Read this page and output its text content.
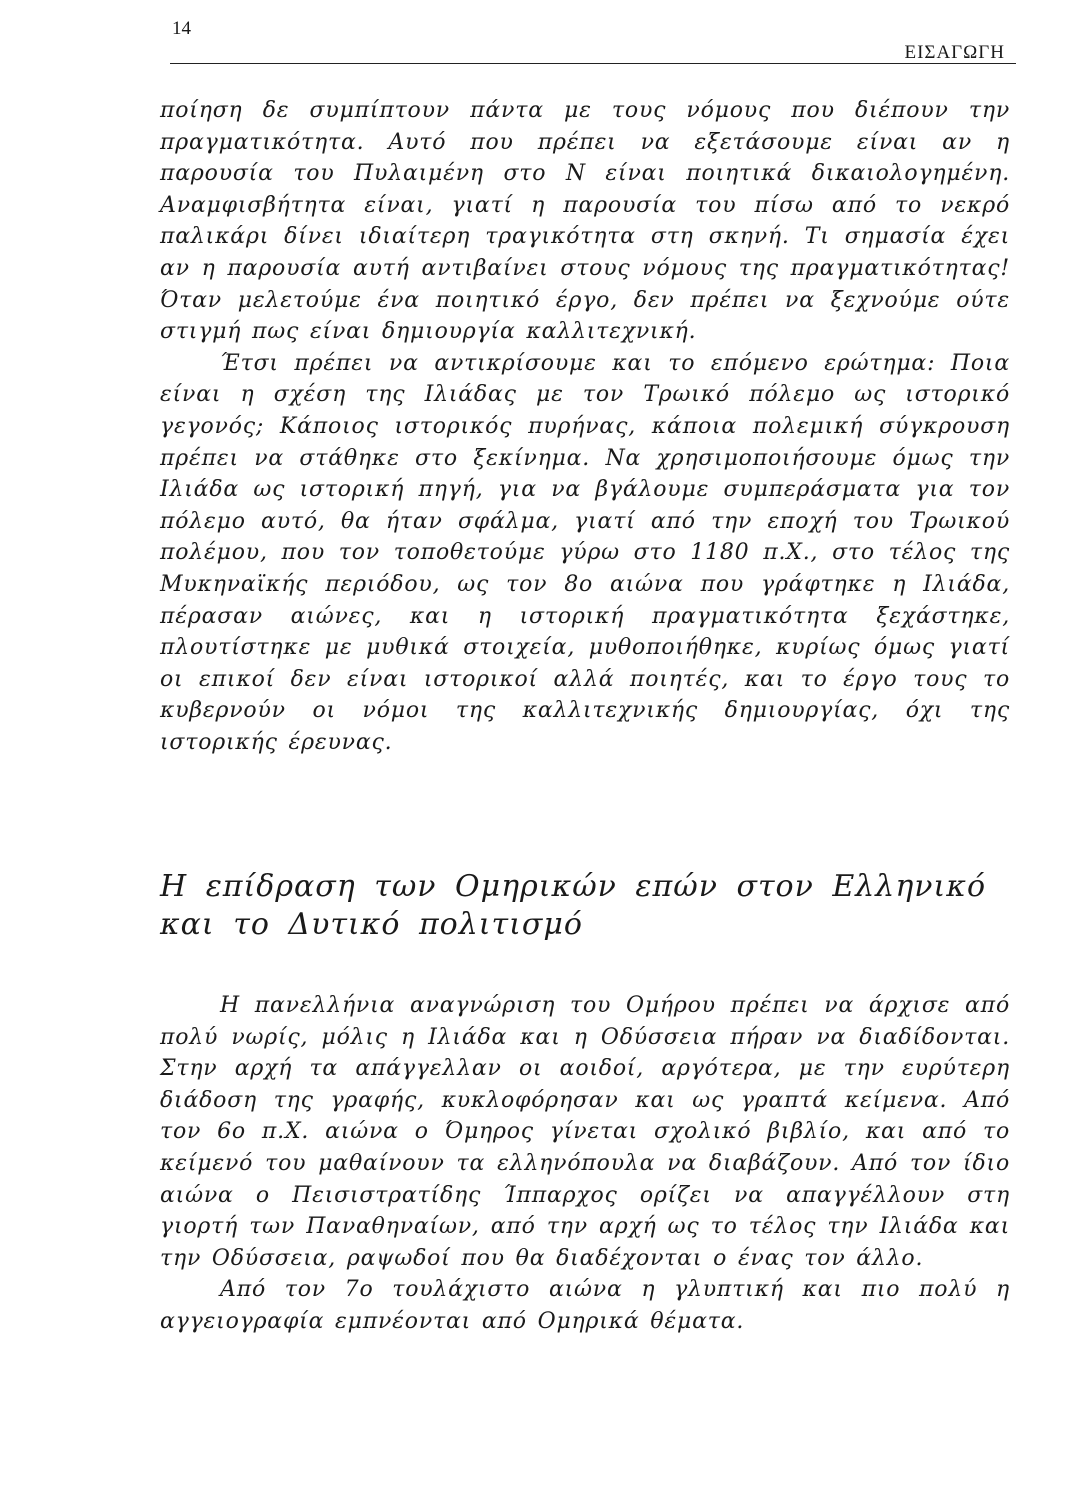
14
ΕΙΣΑΓΩΓΗ

ποίηση δε συμπίπτουν πάντα με τους νόμους που διέπουν την πραγματικότητα. Αυτό που πρέπει να εξετάσουμε είναι αν η παρουσία του Πυλαιμένη στο Ν είναι ποιητικά δικαιολογημένη. Αναμφισβήτητα είναι, γιατί η παρουσία του πίσω από το νεκρό παλικάρι δίνει ιδιαίτερη τραγικότητα στη σκηνή. Τι σημασία έχει αν η παρουσία αυτή αντιβαίνει στους νόμους της πραγματικότητας! Όταν μελετούμε ένα ποιητικό έργο, δεν πρέπει να ξεχνούμε ούτε στιγμή πως είναι δημιουργία καλλιτεχνική.

Έτσι πρέπει να αντικρίσουμε και το επόμενο ερώτημα: Ποια είναι η σχέση της Ιλιάδας με τον Τρωικό πόλεμο ως ιστορικό γεγονός; Κάποιος ιστορικός πυρήνας, κάποια πολεμική σύγκρουση πρέπει να στάθηκε στο ξεκίνημα. Να χρησιμοποιήσουμε όμως την Ιλιάδα ως ιστορική πηγή, για να βγάλουμε συμπεράσματα για τον πόλεμο αυτό, θα ήταν σφάλμα, γιατί από την εποχή του Τρωικού πολέμου, που τον τοποθετούμε γύρω στο 1180 π.Χ., στο τέλος της Μυκηναϊκής περιόδου, ως τον 8ο αιώνα που γράφτηκε η Ιλιάδα, πέρασαν αιώνες, και η ιστορική πραγματικότητα ξεχάστηκε, πλουτίστηκε με μυθικά στοιχεία, μυθοποιήθηκε, κυρίως όμως γιατί οι επικοί δεν είναι ιστορικοί αλλά ποιητές, και το έργο τους το κυβερνούν οι νόμοι της καλλιτεχνικής δημιουργίας, όχι της ιστορικής έρευνας.

Η επίδραση των Ομηρικών επών στον Ελληνικό και το Δυτικό πολιτισμό

Η πανελλήνια αναγνώριση του Ομήρου πρέπει να άρχισε από πολύ νωρίς, μόλις η Ιλιάδα και η Οδύσσεια πήραν να διαδίδονται. Στην αρχή τα απάγγελλαν οι αοιδοί, αργότερα, με την ευρύτερη διάδοση της γραφής, κυκλοφόρησαν και ως γραπτά κείμενα. Από τον 6ο π.Χ. αιώνα ο Όμηρος γίνεται σχολικό βιβλίο, και από το κείμενό του μαθαίνουν τα ελληνόπουλα να διαβάζουν. Από τον ίδιο αιώνα ο Πεισιστρατίδης Ίππαρχος ορίζει να απαγγέλλουν στη γιορτή των Παναθηναίων, από την αρχή ως το τέλος την Ιλιάδα και την Οδύσσεια, ραψωδοί που θα διαδέχονται ο ένας τον άλλο.

Από τον 7ο τουλάχιστο αιώνα η γλυπτική και πιο πολύ η αγγειογραφία εμπνέονται από Ομηρικά θέματα.
